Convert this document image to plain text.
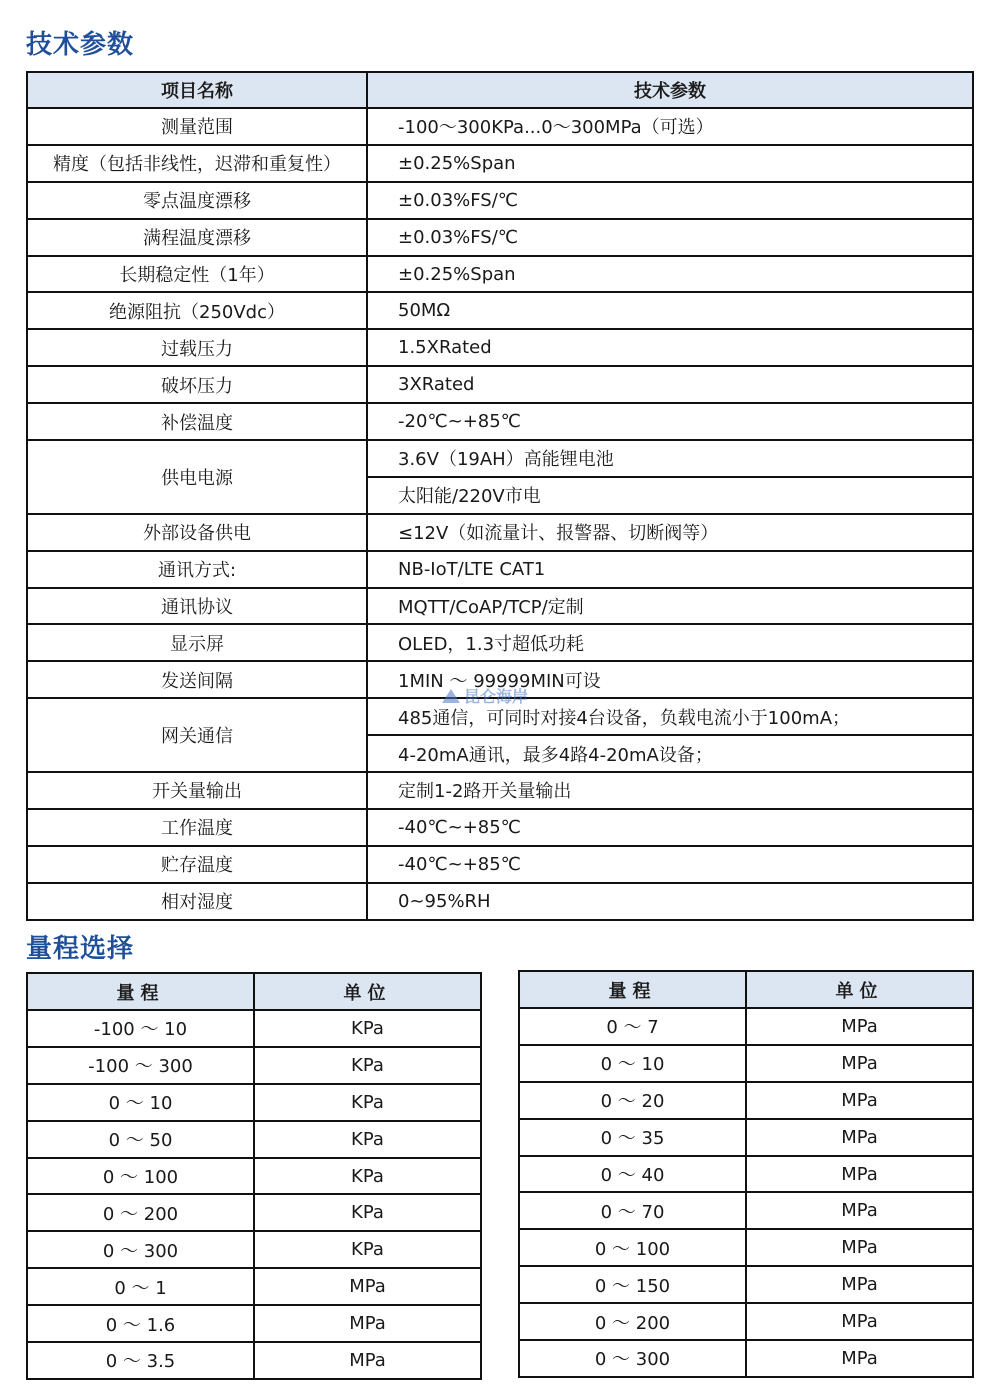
技术参数
项目名称	技术参数
测量范围	-100～300KPa...0～300MPa（可选）
精度（包括非线性，迟滞和重复性）	±0.25%Span
零点温度漂移	±0.03%FS/℃
满程温度漂移	±0.03%FS/℃
长期稳定性（1年）	±0.25%Span
绝源阻抗（250Vdc）	50MΩ
过载压力	1.5XRated
破坏压力	3XRated
补偿温度	-20℃~+85℃
供电电源	3.6V（19AH）高能锂电池
	太阳能/220V市电
外部设备供电	≤12V（如流量计、报警器、切断阀等）
通讯方式:	NB-IoT/LTE CAT1
通讯协议	MQTT/CoAP/TCP/定制
显示屏	OLED，1.3寸超低功耗
发送间隔	1MIN ～ 99999MIN可设
网关通信	485通信，可同时对接4台设备，负载电流小于100mA；
	4-20mA通讯，最多4路4-20mA设备；
开关量输出	定制1-2路开关量输出
工作温度	-40℃~+85℃
贮存温度	-40℃~+85℃
相对湿度	0~95%RH
昆仑海岸
量程选择
量程	单位
-100 ～ 10	KPa
-100 ～ 300	KPa
0 ～ 10	KPa
0 ～ 50	KPa
0 ～ 100	KPa
0 ～ 200	KPa
0 ～ 300	KPa
0 ～ 1	MPa
0 ～ 1.6	MPa
0 ～ 3.5	MPa
量程	单位
0 ～ 7	MPa
0 ～ 10	MPa
0 ～ 20	MPa
0 ～ 35	MPa
0 ～ 40	MPa
0 ～ 70	MPa
0 ～ 100	MPa
0 ～ 150	MPa
0 ～ 200	MPa
0 ～ 300	MPa
